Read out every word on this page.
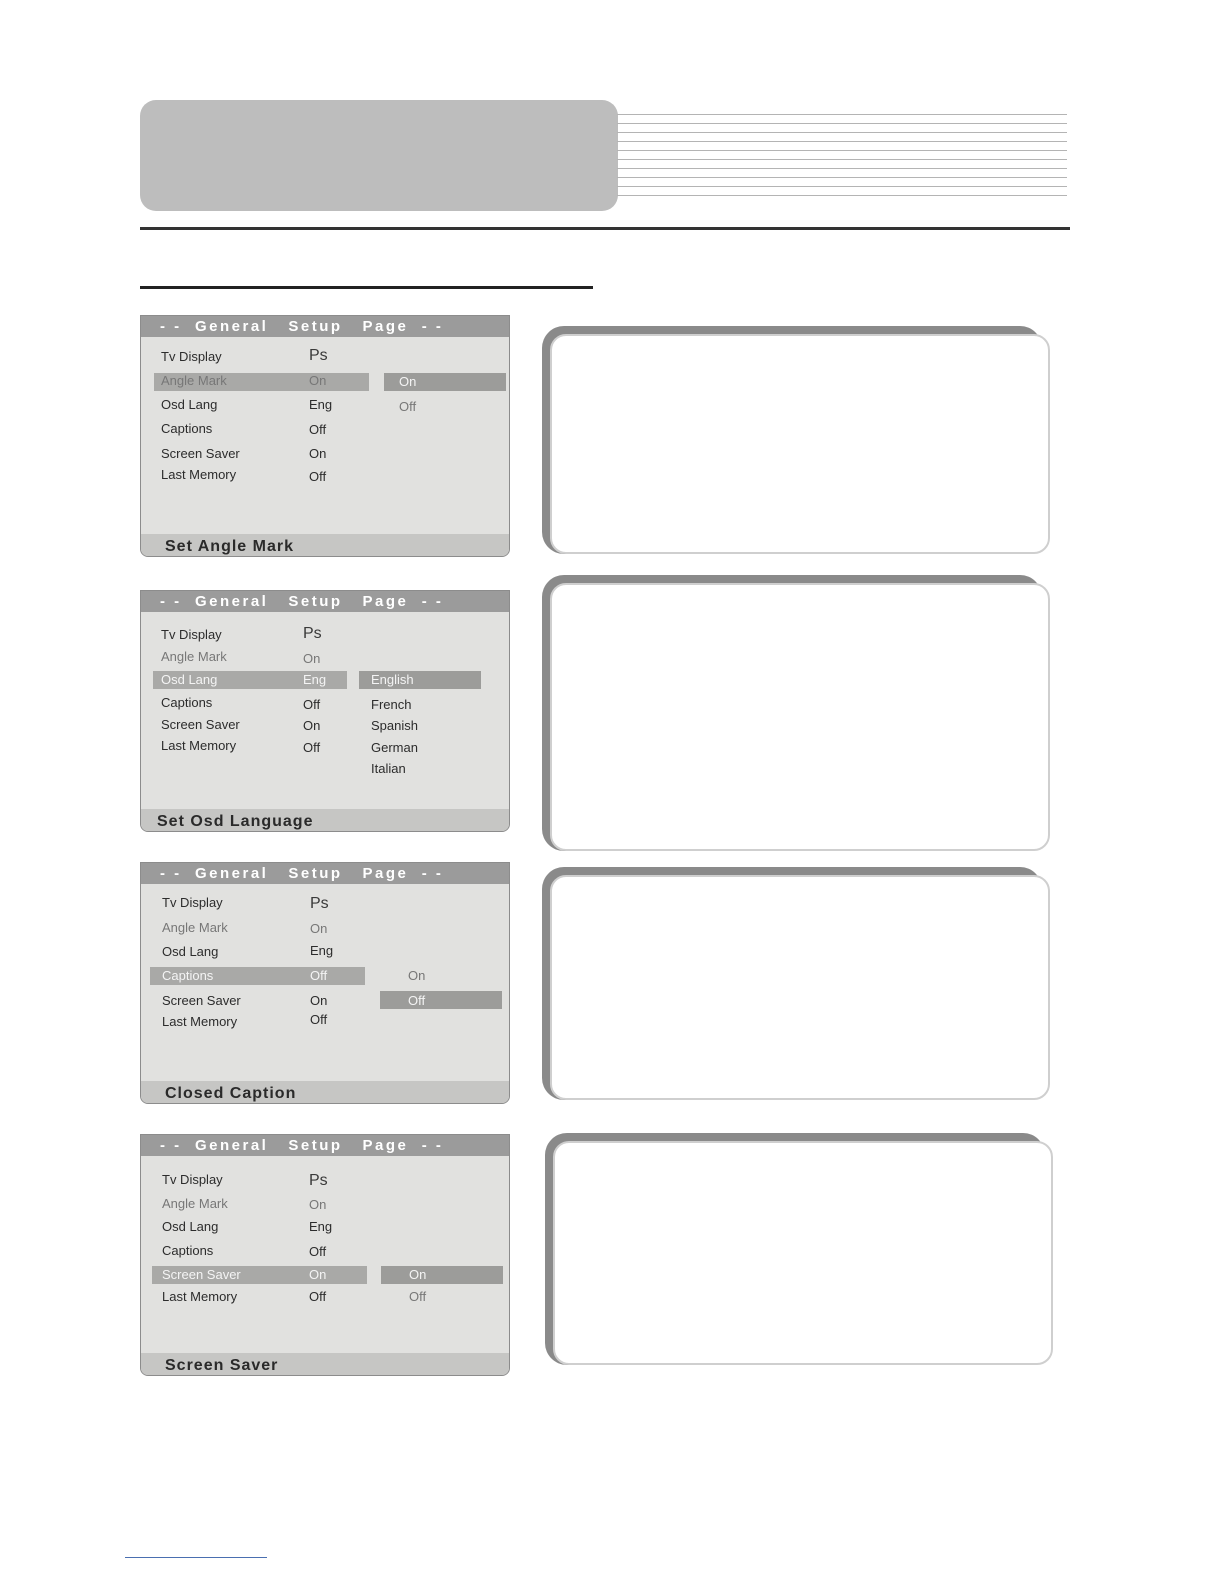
- -  General   Setup   Page  - -
Tv Display	Ps
Angle Mark	On
Osd Lang	Eng
Captions	Off
Screen Saver	On
Last Memory	Off
On
Off
Set Angle Mark
- -  General   Setup   Page  - -
Tv Display	Ps
Angle Mark	On
Osd Lang	Eng
Captions	Off
Screen Saver	On
Last Memory	Off
English
French
Spanish
German
Italian
Set Osd Language
- -  General   Setup   Page  - -
Tv Display	Ps
Angle Mark	On
Osd Lang	Eng
Captions	Off
Screen Saver	On
Last Memory	Off
On
Off
Closed Caption
- -  General   Setup   Page  - -
Tv Display	Ps
Angle Mark	On
Osd Lang	Eng
Captions	Off
Screen Saver	On
Last Memory	Off
On
Off
Screen Saver
